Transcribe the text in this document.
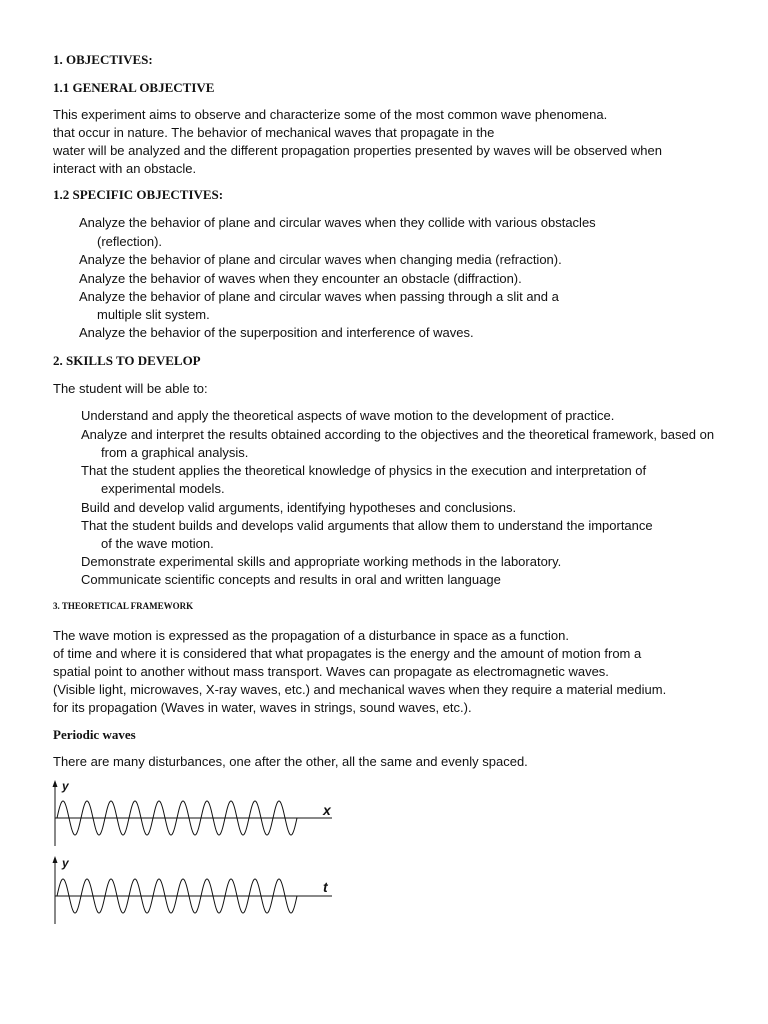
1. OBJECTIVES:
1.1 GENERAL OBJECTIVE
This experiment aims to observe and characterize some of the most common wave phenomena.
that occur in nature. The behavior of mechanical waves that propagate in the
water will be analyzed and the different propagation properties presented by waves will be observed when
interact with an obstacle.
1.2 SPECIFIC OBJECTIVES:
Analyze the behavior of plane and circular waves when they collide with various obstacles
(reflection).
Analyze the behavior of plane and circular waves when changing media (refraction).
Analyze the behavior of waves when they encounter an obstacle (diffraction).
Analyze the behavior of plane and circular waves when passing through a slit and a
multiple slit system.
Analyze the behavior of the superposition and interference of waves.
2. SKILLS TO DEVELOP
The student will be able to:
Understand and apply the theoretical aspects of wave motion to the development of practice.
Analyze and interpret the results obtained according to the objectives and the theoretical framework, based on
from a graphical analysis.
That the student applies the theoretical knowledge of physics in the execution and interpretation of
experimental models.
Build and develop valid arguments, identifying hypotheses and conclusions.
That the student builds and develops valid arguments that allow them to understand the importance
of the wave motion.
Demonstrate experimental skills and appropriate working methods in the laboratory.
Communicate scientific concepts and results in oral and written language
3. THEORETICAL FRAMEWORK
The wave motion is expressed as the propagation of a disturbance in space as a function.
of time and where it is considered that what propagates is the energy and the amount of motion from a
spatial point to another without mass transport. Waves can propagate as electromagnetic waves.
(Visible light, microwaves, X-ray waves, etc.) and mechanical waves when they require a material medium.
for its propagation (Waves in water, waves in strings, sound waves, etc.).
Periodic waves
There are many disturbances, one after the other, all the same and evenly spaced.
y
x
y
t
